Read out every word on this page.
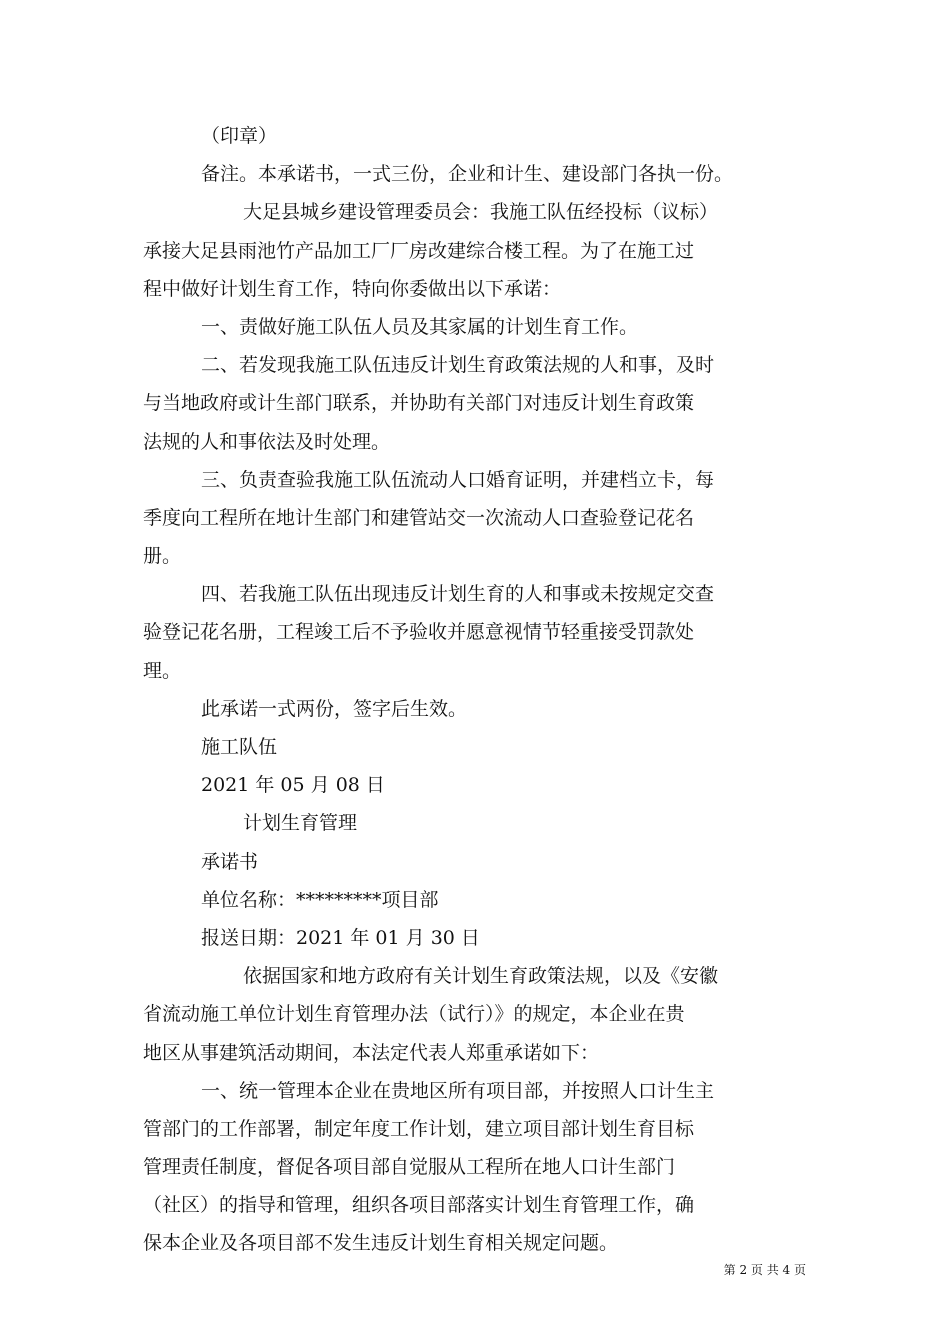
（印章）
备注。本承诺书，一式三份，企业和计生、建设部门各执一份。
大足县城乡建设管理委员会：我施工队伍经投标（议标）
承接大足县雨池竹产品加工厂厂房改建综合楼工程。为了在施工过
程中做好计划生育工作，特向你委做出以下承诺：
一、责做好施工队伍人员及其家属的计划生育工作。
二、若发现我施工队伍违反计划生育政策法规的人和事，及时
与当地政府或计生部门联系，并协助有关部门对违反计划生育政策
法规的人和事依法及时处理。
三、负责查验我施工队伍流动人口婚育证明，并建档立卡，每
季度向工程所在地计生部门和建管站交一次流动人口查验登记花名
册。
四、若我施工队伍出现违反计划生育的人和事或未按规定交查
验登记花名册，工程竣工后不予验收并愿意视情节轻重接受罚款处
理。
此承诺一式两份，签字后生效。
施工队伍
2021 年 05 月 08 日
计划生育管理
承诺书
单位名称：*********项目部
报送日期：2021 年 01 月 30 日
依据国家和地方政府有关计划生育政策法规，以及《安徽
省流动施工单位计划生育管理办法（试行）》的规定，本企业在贵
地区从事建筑活动期间，本法定代表人郑重承诺如下：
一、统一管理本企业在贵地区所有项目部，并按照人口计生主
管部门的工作部署，制定年度工作计划，建立项目部计划生育目标
管理责任制度，督促各项目部自觉服从工程所在地人口计生部门
（社区）的指导和管理，组织各项目部落实计划生育管理工作，确
保本企业及各项目部不发生违反计划生育相关规定问题。
第 2 页 共 4 页
